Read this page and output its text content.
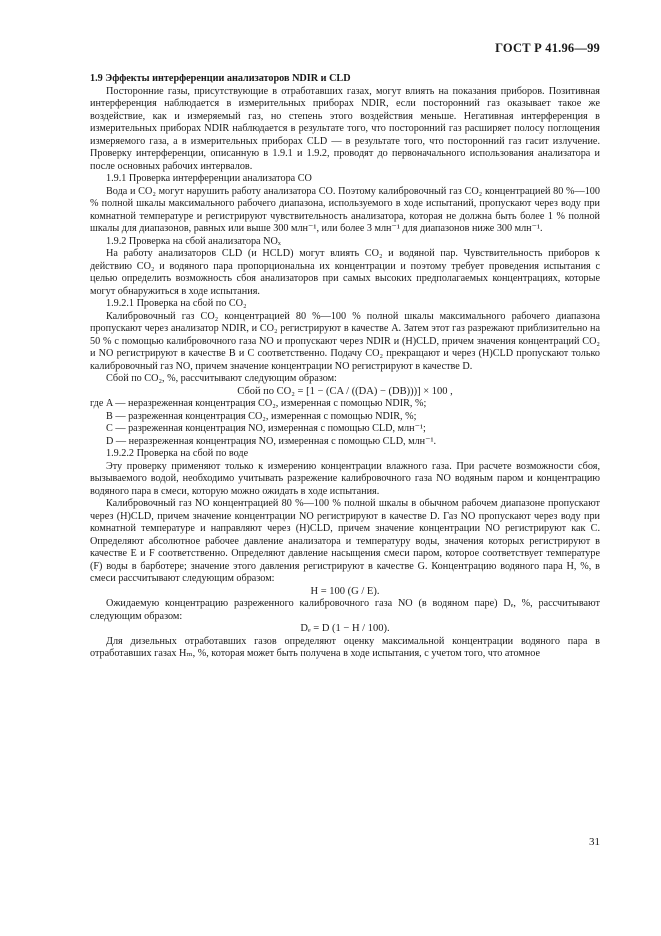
ГОСТ Р 41.96—99

1.9 Эффекты интерференции анализаторов NDIR и CLD

Посторонние газы, присутствующие в отработавших газах, могут влиять на показания приборов. Позитивная интерференция наблюдается в измерительных приборах NDIR, если посторонний газ оказывает такое же воздействие, как и измеряемый газ, но степень этого воздействия меньше. Негативная интерференция в измерительных приборах NDIR наблюдается в результате того, что посторонний газ расширяет полосу поглощения измеряемого газа, а в измерительных приборах CLD — в результате того, что посторонний газ гасит излучение. Проверку интерференции, описанную в 1.9.1 и 1.9.2, проводят до первоначального использования анализатора и после основных рабочих интервалов.

1.9.1 Проверка интерференции анализатора CO

Вода и CO₂ могут нарушить работу анализатора CO. Поэтому калибровочный газ CO₂ концентрацией 80 %—100 % полной шкалы максимального рабочего диапазона, используемого в ходе испытаний, пропускают через воду при комнатной температуре и регистрируют чувствительность анализатора, которая не должна быть более 1 % полной шкалы для диапазонов, равных или выше 300 млн⁻¹, или более 3 млн⁻¹ для диапазонов ниже 300 млн⁻¹.

1.9.2 Проверка на сбой анализатора NOₓ

На работу анализаторов CLD (и HCLD) могут влиять CO₂ и водяной пар. Чувствительность приборов к действию CO₂ и водяного пара пропорциональна их концентрации и поэтому требует проведения испытания с целью определить возможность сбоя анализаторов при самых высоких предполагаемых концентрациях, которые могут обнаружиться в ходе испытания.

1.9.2.1 Проверка на сбой по CO₂

Калибровочный газ CO₂ концентрацией 80 %—100 % полной шкалы максимального рабочего диапазона пропускают через анализатор NDIR, и CO₂ регистрируют в качестве A. Затем этот газ разрежают приблизительно на 50 % с помощью калибровочного газа NO и пропускают через NDIR и (H)CLD, причем значения концентраций CO₂ и NO регистрируют в качестве B и C соответственно. Подачу CO₂ прекращают и через (H)CLD пропускают только калибровочный газ NO, причем значение концентрации NO регистрируют в качестве D.

Сбой по CO₂, %, рассчитывают следующим образом:

Сбой по CO₂ = [1 − (CA / ((DA) − (DB)))] × 100 ,

где A — неразреженная концентрация CO₂, измеренная с помощью NDIR, %;

B — разреженная концентрация CO₂, измеренная с помощью NDIR, %;

C — разреженная концентрация NO, измеренная с помощью CLD, млн⁻¹;

D — неразреженная концентрация NO, измеренная с помощью CLD, млн⁻¹.

1.9.2.2 Проверка на сбой по воде

Эту проверку применяют только к измерению концентрации влажного газа. При расчете возможности сбоя, вызываемого водой, необходимо учитывать разрежение калибровочного газа NO водяным паром и концентрацию водяного пара в смеси, которую можно ожидать в ходе испытания.

Калибровочный газ NO концентрацией 80 %—100 % полной шкалы в обычном рабочем диапазоне пропускают через (H)CLD, причем значение концентрации NO регистрируют в качестве D. Газ NO пропускают через воду при комнатной температуре и направляют через (H)CLD, причем значение концентрации NO регистрируют как C. Определяют абсолютное рабочее давление анализатора и температуру воды, значения которых регистрируют в качестве E и F соответственно. Определяют давление насыщения смеси паром, которое соответствует температуре (F) воды в барботере; значение этого давления регистрируют в качестве G. Концентрацию водяного пара H, %, в смеси рассчитывают следующим образом:

H = 100 (G / E).

Ожидаемую концентрацию разреженного калибровочного газа NO (в водяном паре) Dₑ, %, рассчитывают следующим образом:

Dₑ = D (1 − H / 100).

Для дизельных отработавших газов определяют оценку максимальной концентрации водяного пара в отработавших газах Hₘ, %, которая может быть получена в ходе испытания, с учетом того, что атомное

31
